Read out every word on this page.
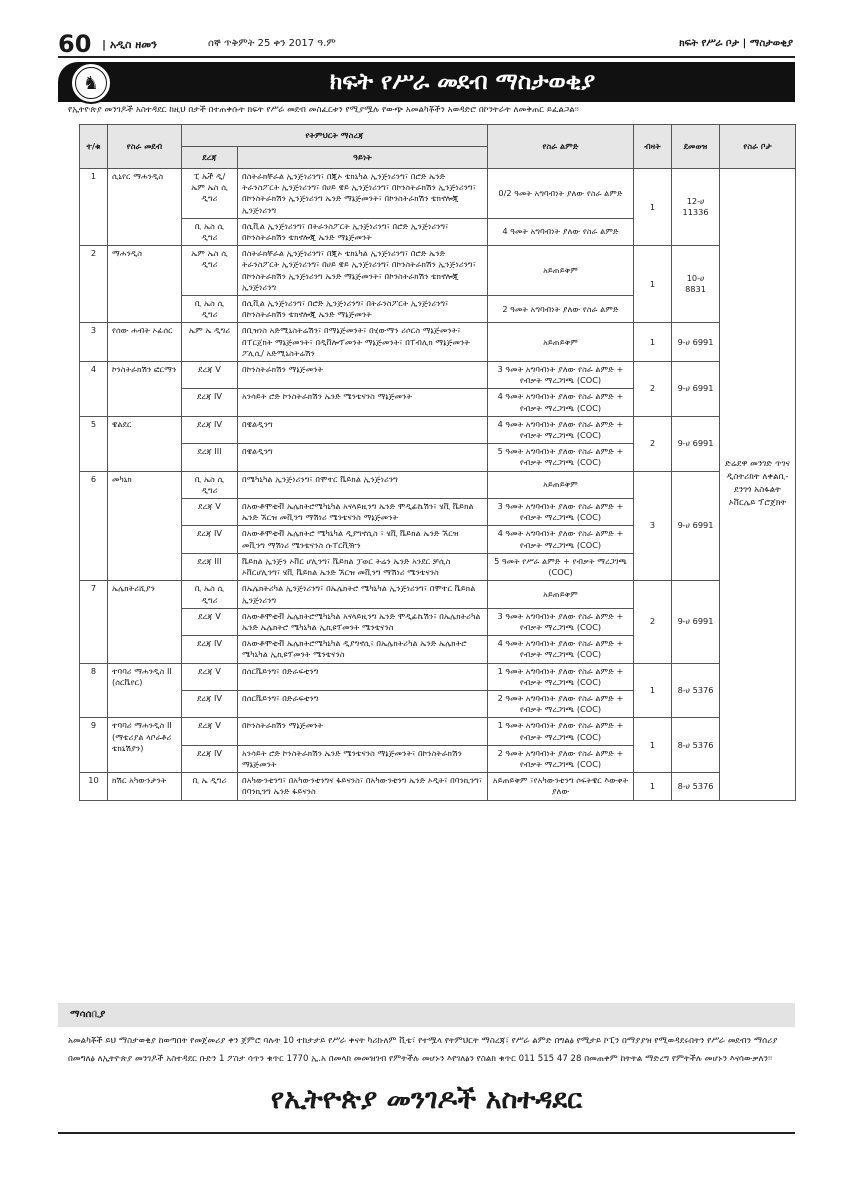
60 | አዲስ ዘመን	ሰኞ ጥቅምት 25 ቀን 2017 ዓ.ም	ክፍት የሥራ ቦታ | ማስታወቂያ
♞	ክፍት የሥራ መደብ ማስታወቂያ
የኢትዮጵያ መንገዶች አስተዳደር ከዚህ በታች በተጠቀሱት ክፍት የሥራ መደብ መስፈርቱን የሚያሟሉ የውጭ አመልካቾችን አወዳድሮ በኮንትራት ለመቅጠር ይፈልጋል፡፡
ተ/ቁ	የስራ መደብ	የትምህርት ማስረጃ		የስራ ልምድ	ብዛት	ደመወዝ	የስራ ቦታ
		ደረጃ	ዓይነት				
1	ሲኒየር ማሐንዲስ	ፒ ኤች ዲ/ ኤም ኤስ ሲ ዲግሪ	በስትራክቸራል ኢንጅነሪንግ፣ በጂኦ ቴክኒካል ኢንጅነሪንግ፣ በሮድ ኤንድ ትራንስፖርት ኢንጅነሪንግ፣ በሀይ ዌይ ኢንጅነሪንግ፣ በኮንስትራክሽን ኢንጅነሪንግ፣ በኮንስትራክሽን ኢንጅነሪንግ ኤንድ ማኔጅመንት፣ በኮንስትራክሽን ቴክኖሎጂ ኢንጅነሪንግ	0/2 ዓመት አግባብነት ያለው የስራ ልምድ	1	12-ሀ 11336	ድሬደዋ መንገድ ጥገና ዲስትሪክት ለቀልቢ-ደንገጎ አስፋልት ኦቨርሌይ ፕሮጀክት
		ቢ ኤስ ሲ ዲግሪ	በሲቪል ኢንጅነሪንግ፣ በትራንስፖርት ኢንጅነሪንግ፣ በሮድ ኢንጅነሪንግ፣ በኮንስትራክሽን ቴክኖሎጂ ኤንድ ማኔጅመንት	4 ዓመት አግባብነት ያለው የስራ ልምድ			
2	ማሐንዲስ	ኤም ኤስ ሲ ዲግሪ	በስትራክቸራል ኢንጅነሪንግ፣ በጂኦ ቴክኒካል ኢንጅነሪንግ፣ በሮድ ኤንድ ትራንስፖርት ኢንጅነሪንግ፣ በሀይ ዌይ ኢንጅነሪንግ፣ በኮንስትራክሽን ኢንጅነሪንግ፣ በኮንስትራክሽን ኢንጅነሪንግ ኤንድ ማኔጅመንት፣ በኮንስትራክሽን ቴክኖሎጂ ኢንጅነሪንግ	አይጠይቅም	1	10-ሀ 8831	
		ቢ ኤስ ሲ ዲግሪ	በሲቪል ኢንጅነሪንግ፣ በሮድ ኢንጅነሪንግ፣ በትራንስፖርት ኢንጅነሪንግ፣ በኮንስትራክሽን ቴክኖሎጂ ኤንድ ማኔጅመንት	2 ዓመት አግባብነት ያለው የስራ ልምድ			
3	የሰው ሐብት ኦፊሰር	ኤም ኤ ዲግሪ	በቢዝነስ አድሚኒስትሬሽን፣ በማኔጅመንት፣ በሂውማን ሪሶርስ ማኔጅመንት፣ በፐርጀክት ማኔጅመንት፣ በዲቨሎፕመንት ማኔጅመንት፣ በፐብሊክ ማኔጅመንት ፖሊሲ/ አድሚኒስትሬሽን	አይጠይቅም	1	9-ሀ 6991	
4	ኮንስትራክሽን ፎርማን	ደረጃ V	በኮንስትራክሽን ማኔጅመንት	3 ዓመት አግባብነት ያለው የስራ ልምድ + የብቃት ማረጋገጫ (COC)	2	9-ሀ 6991	
		ደረጃ IV	አንሳይት ሮድ ኮንስትራክሽን ኤንድ ሜንቴናንስ ማኔጅመንት	4 ዓመት አግባብነት ያለው የስራ ልምድ + የብቃት ማረጋገጫ (COC)			
5	ዌልደር	ደረጃ IV	በዌልዲንግ	4 ዓመት አግባብነት ያለው የስራ ልምድ + የብቃት ማረጋገጫ (COC)	2	9-ሀ 6991	
		ደረጃ III	በዌልዲንግ	5 ዓመት አግባብነት ያለው የስራ ልምድ + የብቃት ማረጋገጫ (COC)			
6	መካኒክ	ቢ ኤስ ሲ ዲግሪ	በሜካኒካል ኢንጅነሪንግ፣ በሞተር ቬይክል ኢንጅነሪንግ	አይጠይቅም	3	9-ሀ 6991	
		ደረጃ V	በአውቶሞቲቭ ኤሌክትሮሜካኒካል አናላይዚንግ ኤንድ ሞዲፊኬሽን፣ ሄቪ ቬይክል ኤንድ ኧርዝ መቪንግ ማሽነሪ ሜንቴናንስ ማኔጅመንት	3 ዓመት አግባብነት ያለው የስራ ልምድ + የብቃት ማረጋገጫ (COC)			
		ደረጃ IV	በአውቶሞቲቭ ኤሌክትሮ ሜካኒካል ዲያግኖሲስ ፣ ሄቪ ቬይክል ኤንድ ኧርዝ መቪንግ ማሽነሪ ሜንቴናንስ ሱፐርቪዥን	4 ዓመት አግባብነት ያለው የስራ ልምድ + የብቃት ማረጋገጫ (COC)			
		ደረጃ III	ቬይክል ኢንጅን ኦቨር ሆሊንግ፣ ቬይክል ፓወር ትሬን ኤንድ አንደር ቻሲስ ኦቨርሆሊንግ፣ ሄቪ ቬይክል ኤንድ ኧርዝ መቪንግ ማሽነሪ ሜንቴናንስ	5 ዓመት የሥራ ልምድ + የብቃት ማረጋገጫ (COC)			
7	ኤሌክትሪሺያን	ቢ ኤስ ሲ ዲግሪ	በኤሌክትሪካል ኢንጅነሪንግ፣ በኤሌክትሮ ሜካኒካል ኢንጅነሪንግ፣ በሞተር ቬይክል ኢንጅነሪንግ	አይጠይቅም	2	9-ሀ 6991	
		ደረጃ V	በአውቶሞቲቭ ኤሌክትሮሜካኒካል አናላይዚንግ ኤንድ ሞዲፊኬሽን፣ በኤሌክትሪካል ኤንድ ኤሌክትሮ ሜካኒካል ኢኪዩፕመንት ሜንቴናንስ	3 ዓመት አግባብነት ያለው የስራ ልምድ + የብቃት ማረጋገጫ (COC)			
		ደረጃ IV	በአውቶሞቲቭ ኤሌክትሮሜካኒካል ዲያግኖሲ፣ በኤሌክትሪካል ኤንድ ኤሌክትሮ ሜካኒካል ኢኪዩፕመንት ሜንቴናንስ	4 ዓመት አግባብነት ያለው የስራ ልምድ + የብቃት ማረጋገጫ (COC)			
8	ተባባሪ ማሐንዲስ II (ሰርቬየር)	ደረጃ V	በሰርቬይንግ፣ በድራፍቲንግ	1 ዓመት አግባብነት ያለው የስራ ልምድ + የብቃት ማረጋገጫ (COC)	1	8-ሀ 5376	
		ደረጃ IV	በሰርቬይንግ፣ በድራፍቲንግ	2 ዓመት አግባብነት ያለው የስራ ልምድ + የብቃት ማረጋገጫ (COC)			
9	ተባባሪ ማሐንዲስ II (ማቴሪያል ላቦራቶሪ ቴክኒሽያን)	ደረጃ V	በኮንስትራክሽን ማኔጅመንት	1 ዓመት አግባብነት ያለው የስራ ልምድ + የብቃት ማረጋገጫ (COC)	1	8-ሀ 5376	
		ደረጃ IV	አንሳይት ሮድ ኮንስትራክሽን ኤንድ ሜንቴናንስ ማኔጅመንት፣ በኮንስትራክሽን ማኔጅመንት	2 ዓመት አግባብነት ያለው የስራ ልምድ + የብቃት ማረጋገጫ (COC)			
10	ክሽር አካውንታንት	ቢ ኤ ዲግሪ	በአካውንቲንግ፣ በአካውንቲንግና ፋይናንስ፣ በአካውንቲንግ ኤንድ ኦዲት፣ በባንኪንግ፣ በባንኪንግ ኤንድ ፋይናንስ	አይጠይቅም ፣የአካውንቲንግ ሶፍትዌር እውቀት ያለው	1	8-ሀ 5376	
ማሳሰቢያ
አመልካቾች ይህ ማስታወቂያ ከወጣበት የመጀመሪያ ቀን ጀምሮ ባሉት 10 ተከታታይ የሥራ ቀናት ካሪኩለም ቪቴ፣ የተሟላ የትምህርት ማስረጃ፣ የሥራ ልምድ በግልፅ የሚታይ ኮፒን በማያያዝ የሚወዳደሩበትን የሥራ መደብን ማሰሪያ በመግለፅ ለኢትዮጵያ መንገዶች አስተዳደር ቡድን 1 ፖስታ ሳጥን ቁጥር 1770 ኢ.አ በመላክ መመዝገብ የምትችሉ መሆኑን እየገለፅን የስልክ ቁጥር 011 515 47 28 በመጠቀም ከትትል ማድረግ የምትችሉ መሆኑን እናሳውቃለን፡፡
የኢትዮጵያ መንገዶች አስተዳደር
